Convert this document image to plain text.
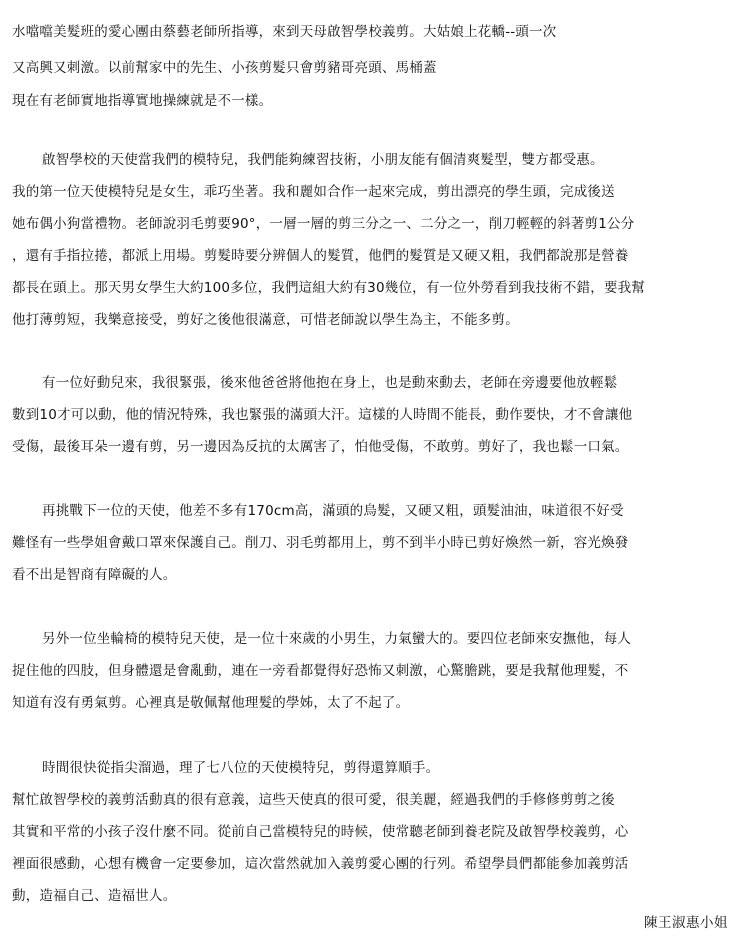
水噹噹美髮班的愛心團由蔡藝老師所指導，來到天母啟智學校義剪。大姑娘上花轎--頭一次
又高興又刺激。以前幫家中的先生、小孩剪髮只會剪豬哥亮頭、馬桶蓋
現在有老師實地指導實地操練就是不一樣。
啟智學校的天使當我們的模特兒，我們能夠練習技術，小朋友能有個清爽髮型，雙方都受惠。
我的第一位天使模特兒是女生，乖巧坐著。我和麗如合作一起來完成，剪出漂亮的學生頭，完成後送
她布偶小狗當禮物。老師說羽毛剪要90°，一層一層的剪三分之一、二分之一，削刀輕輕的斜著剪1公分
，還有手指拉捲，都派上用場。剪髮時要分辨個人的髮質，他們的髮質是又硬又粗，我們都說那是營養
都長在頭上。那天男女學生大約100多位，我們這組大約有30幾位，有一位外勞看到我技術不錯，要我幫
他打薄剪短，我樂意接受，剪好之後他很滿意，可惜老師說以學生為主，不能多剪。
有一位好動兒來，我很緊張，後來他爸爸將他抱在身上，也是動來動去，老師在旁邊要他放輕鬆
數到10才可以動，他的情況特殊，我也緊張的滿頭大汗。這樣的人時間不能長，動作要快，才不會讓他
受傷，最後耳朵一邊有剪，另一邊因為反抗的太厲害了，怕他受傷，不敢剪。剪好了，我也鬆一口氣。
再挑戰下一位的天使，他差不多有170cm高，滿頭的烏髮，又硬又粗，頭髮油油，味道很不好受
難怪有一些學姐會戴口罩來保護自己。削刀、羽毛剪都用上，剪不到半小時已剪好煥然一新，容光煥發
看不出是智商有障礙的人。
另外一位坐輪椅的模特兒天使，是一位十來歲的小男生，力氣蠻大的。要四位老師來安撫他，每人
捉住他的四肢，但身體還是會亂動，連在一旁看都覺得好恐怖又刺激，心驚膽跳，要是我幫他理髮，不
知道有沒有勇氣剪。心裡真是敬佩幫他理髮的學姊，太了不起了。
時間很快從指尖溜過，理了七八位的天使模特兒，剪得還算順手。
幫忙啟智學校的義剪活動真的很有意義，這些天使真的很可愛，很美麗，經過我們的手修修剪剪之後
其實和平常的小孩子沒什麼不同。從前自己當模特兒的時候，使常聽老師到養老院及啟智學校義剪，心
裡面很感動，心想有機會一定要參加，這次當然就加入義剪愛心團的行列。希望學員們都能參加義剪活
動，造福自己、造福世人。
陳王淑惠小姐
